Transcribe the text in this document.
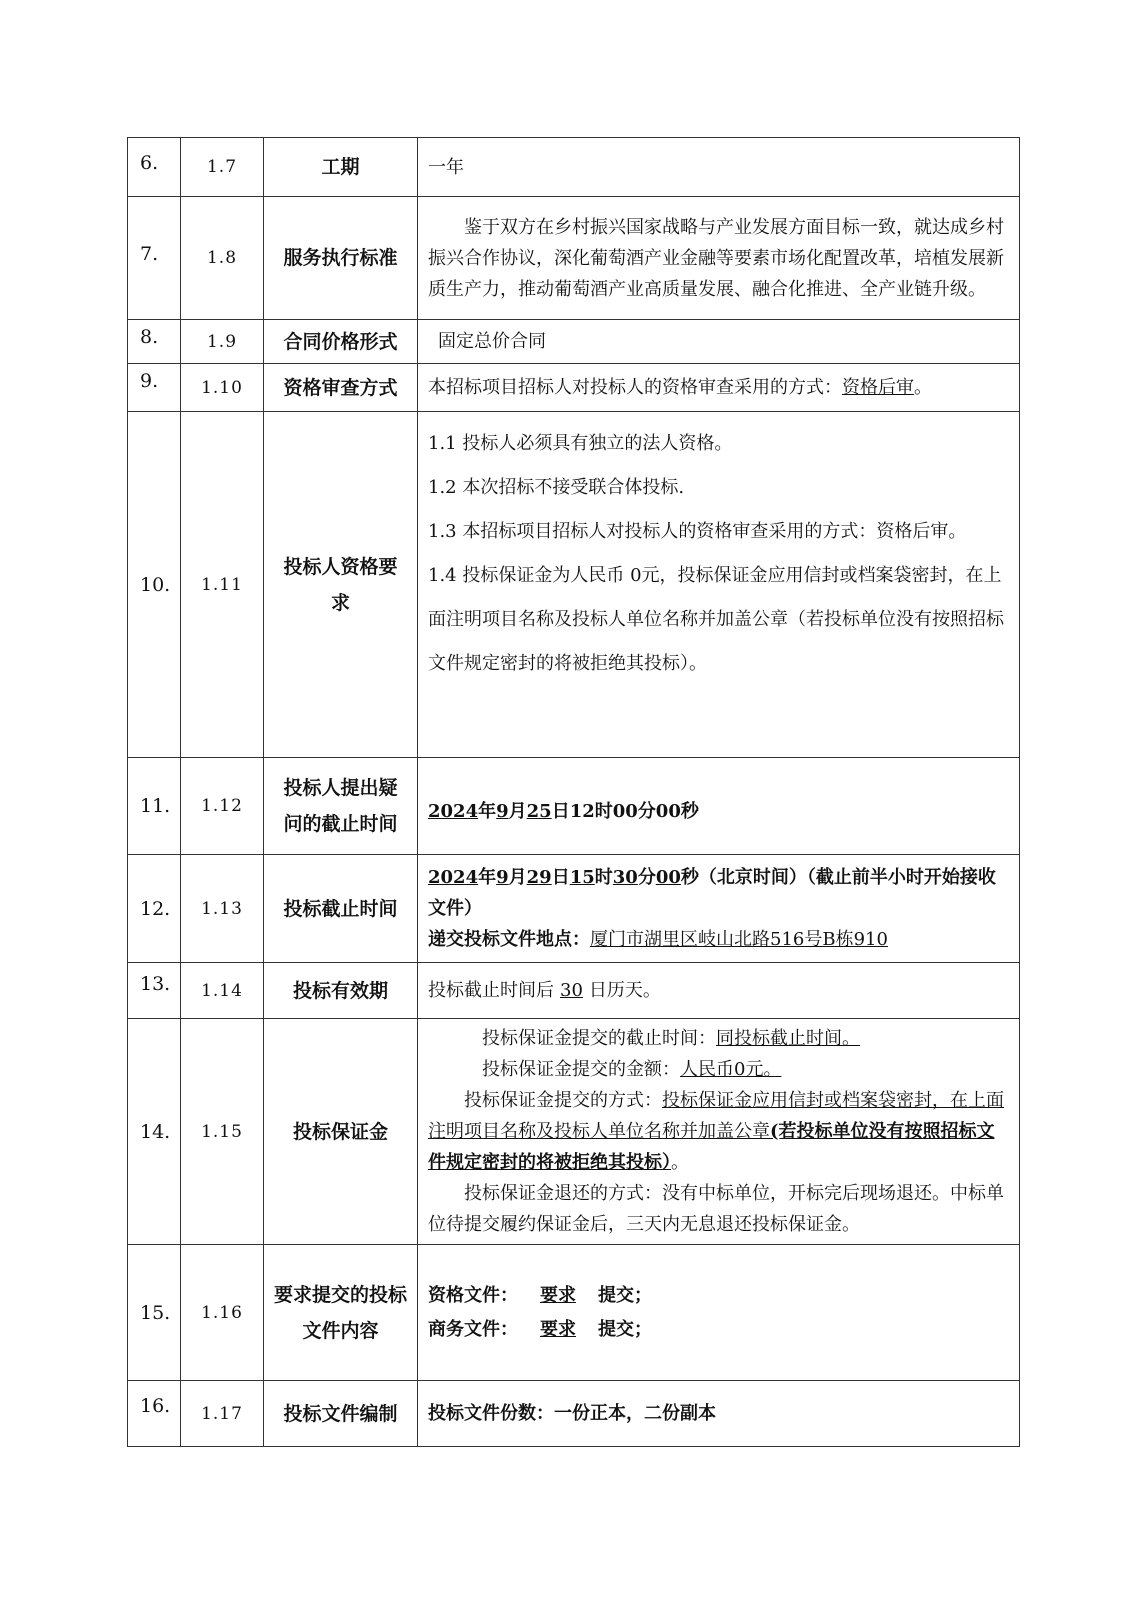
6.	1.7	工期	一年
7.	1.8	服务执行标准	鉴于双方在乡村振兴国家战略与产业发展方面目标一致，就达成乡村振兴合作协议，深化葡萄酒产业金融等要素市场化配置改革，培植发展新质生产力，推动葡萄酒产业高质量发展、融合化推进、全产业链升级。

8.	1.9	合同价格形式	固定总价合同
9.	1.10	资格审查方式	本招标项目招标人对投标人的资格审查采用的方式：资格后审。
10.	1.11	投标人资格要求	1.1 投标人必须具有独立的法人资格。

1.2 本次招标不接受联合体投标.

1.3 本招标项目招标人对投标人的资格审查采用的方式：资格后审。

1.4 投标保证金为人民币 0元，投标保证金应用信封或档案袋密封，在上面注明项目名称及投标人单位名称并加盖公章（若投标单位没有按照招标文件规定密封的将被拒绝其投标）。

11.	1.12	投标人提出疑问的截止时间	2024年9月25日12时00分00秒
12.	1.13	投标截止时间	2024年9月29日15时30分00秒（北京时间）（截止前半小时开始接收文件）

递交投标文件地点：厦门市湖里区岐山北路516号B栋910

13.	1.14	投标有效期	投标截止时间后 30 日历天。
14.	1.15	投标保证金	投标保证金提交的截止时间：同投标截止时间。

投标保证金提交的金额：人民币0元。

投标保证金提交的方式：投标保证金应用信封或档案袋密封，在上面注明项目名称及投标人单位名称并加盖公章(若投标单位没有按照招标文件规定密封的将被拒绝其投标）。

投标保证金退还的方式：没有中标单位，开标完后现场退还。中标单位待提交履约保证金后，三天内无息退还投标保证金。

15.	1.16	要求提交的投标文件内容	资格文件： 要求 提交；

商务文件： 要求 提交；

16.	1.17	投标文件编制	投标文件份数：一份正本，二份副本
